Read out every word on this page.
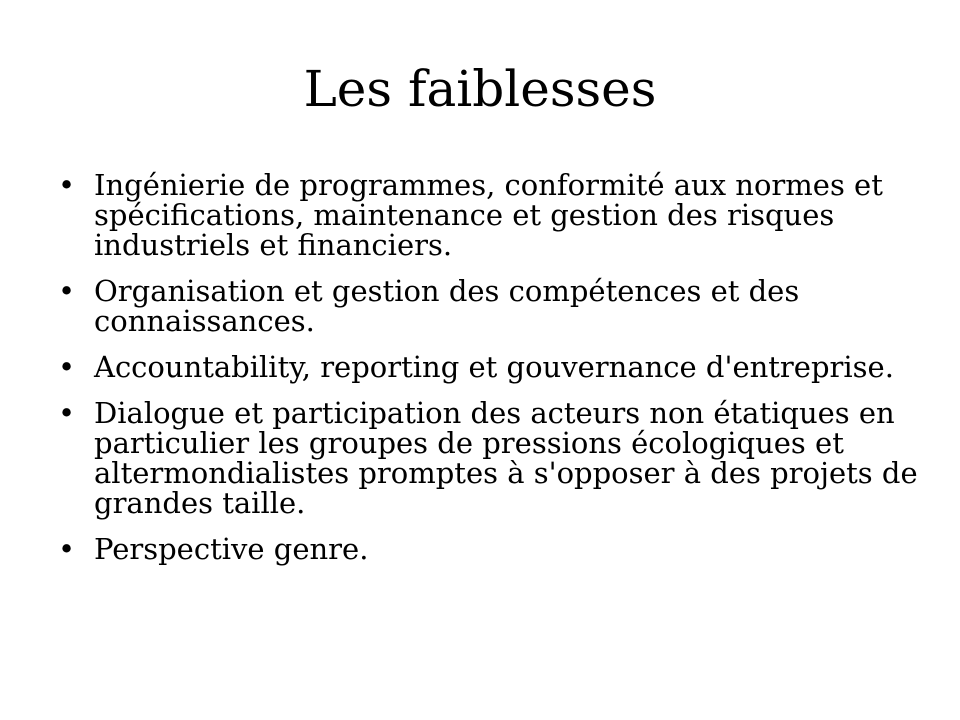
Les faiblesses
• Ingénierie de programmes, conformité aux normes et spécifications, maintenance et gestion des risques industriels et financiers.
• Organisation et gestion des compétences et des connaissances.
• Accountability, reporting et gouvernance d'entreprise.
• Dialogue et participation des acteurs non étatiques en particulier les groupes de pressions écologiques et altermondialistes promptes à s'opposer à des projets de grandes taille.
• Perspective genre.
